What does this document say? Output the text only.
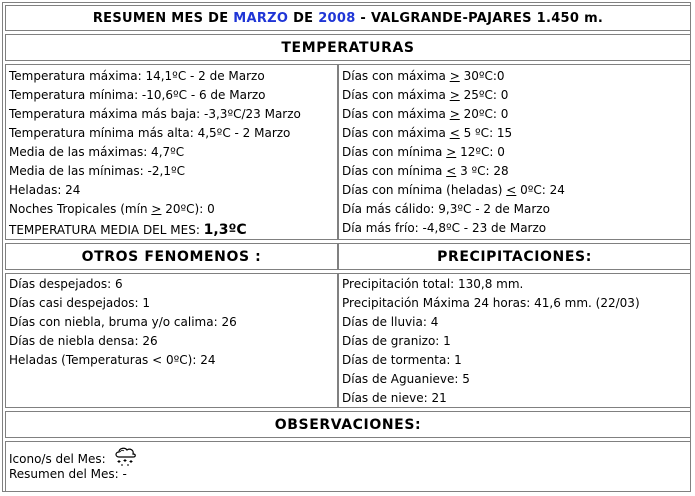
RESUMEN MES DE MARZO DE 2008 - VALGRANDE-PAJARES 1.450 m.
TEMPERATURAS
Temperatura máxima: 14,1ºC - 2 de Marzo
Temperatura mínima: -10,6ºC - 6 de Marzo
Temperatura máxima más baja: -3,3ºC/23 Marzo
Temperatura mínima más alta: 4,5ºC - 2 Marzo
Media de las máximas: 4,7ºC
Media de las mínimas: -2,1ºC
Heladas: 24
Noches Tropicales (mín > 20ºC): 0
TEMPERATURA MEDIA DEL MES: 1,3ºC
Días con máxima > 30ºC:0
Días con máxima > 25ºC: 0
Días con máxima > 20ºC: 0
Días con máxima < 5 ºC: 15
Días con mínima > 12ºC: 0
Días con mínima < 3 ºC: 28
Días con mínima (heladas) < 0ºC: 24
Día más cálido: 9,3ºC - 2 de Marzo
Día más frío: -4,8ºC - 23 de Marzo
OTROS FENOMENOS :	PRECIPITACIONES:
Días despejados: 6
Días casi despejados: 1
Días con niebla, bruma y/o calima: 26
Días de niebla densa: 26
Heladas (Temperaturas < 0ºC): 24
Precipitación total: 130,8 mm.
Precipitación Máxima 24 horas: 41,6 mm. (22/03)
Días de lluvia: 4
Días de granizo: 1
Días de tormenta: 1
Días de Aguanieve: 5
Días de nieve: 21
OBSERVACIONES:
Icono/s del Mes:
Resumen del Mes: -
